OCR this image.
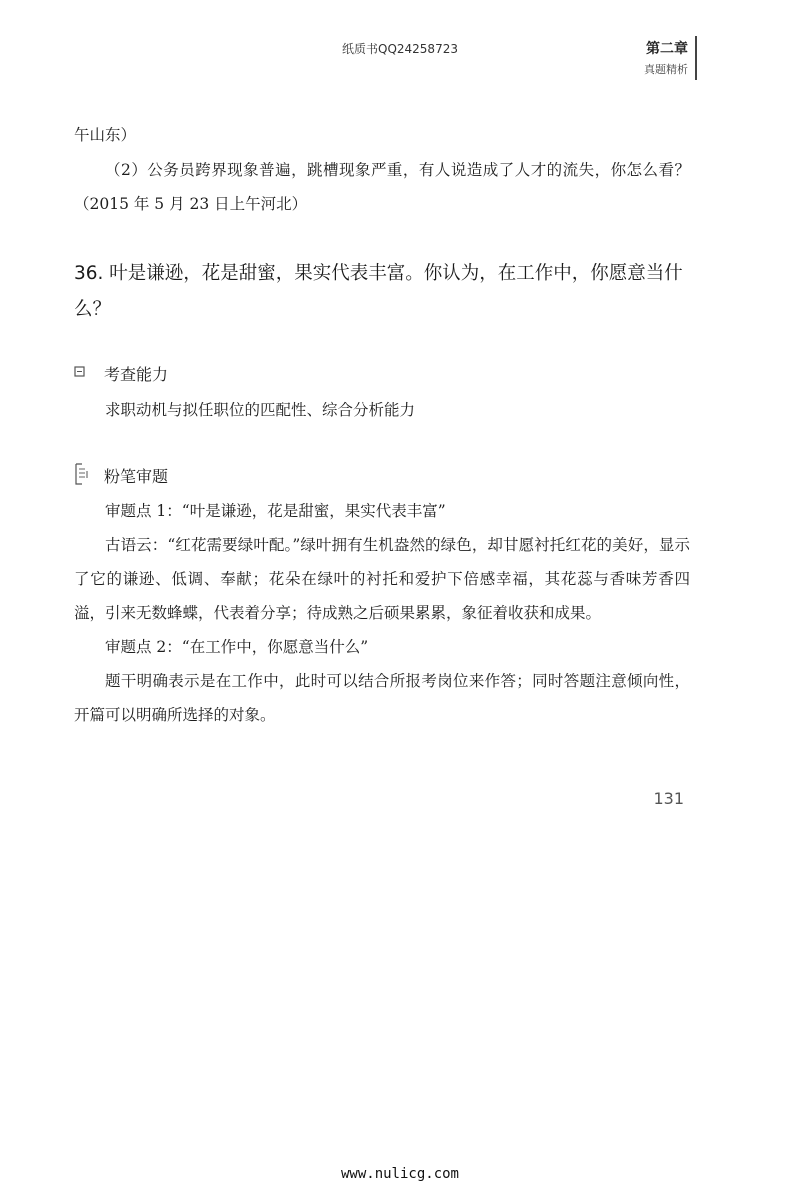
纸质书QQ24258723	第二章
真题精析

午山东）

（2）公务员跨界现象普遍，跳槽现象严重，有人说造成了人才的流失，你怎么看？（2015 年 5 月 23 日上午河北）

36. 叶是谦逊，花是甜蜜，果实代表丰富。你认为，在工作中，你愿意当什么？

考查能力

求职动机与拟任职位的匹配性、综合分析能力

粉笔审题

审题点 1：“叶是谦逊，花是甜蜜，果实代表丰富”

古语云：“红花需要绿叶配。”绿叶拥有生机盎然的绿色，却甘愿衬托红花的美好，显示了它的谦逊、低调、奉献；花朵在绿叶的衬托和爱护下倍感幸福，其花蕊与香味芳香四溢，引来无数蜂蝶，代表着分享；待成熟之后硕果累累，象征着收获和成果。

审题点 2：“在工作中，你愿意当什么”

题干明确表示是在工作中，此时可以结合所报考岗位来作答；同时答题注意倾向性，开篇可以明确所选择的对象。

131
www.nulicg.com
